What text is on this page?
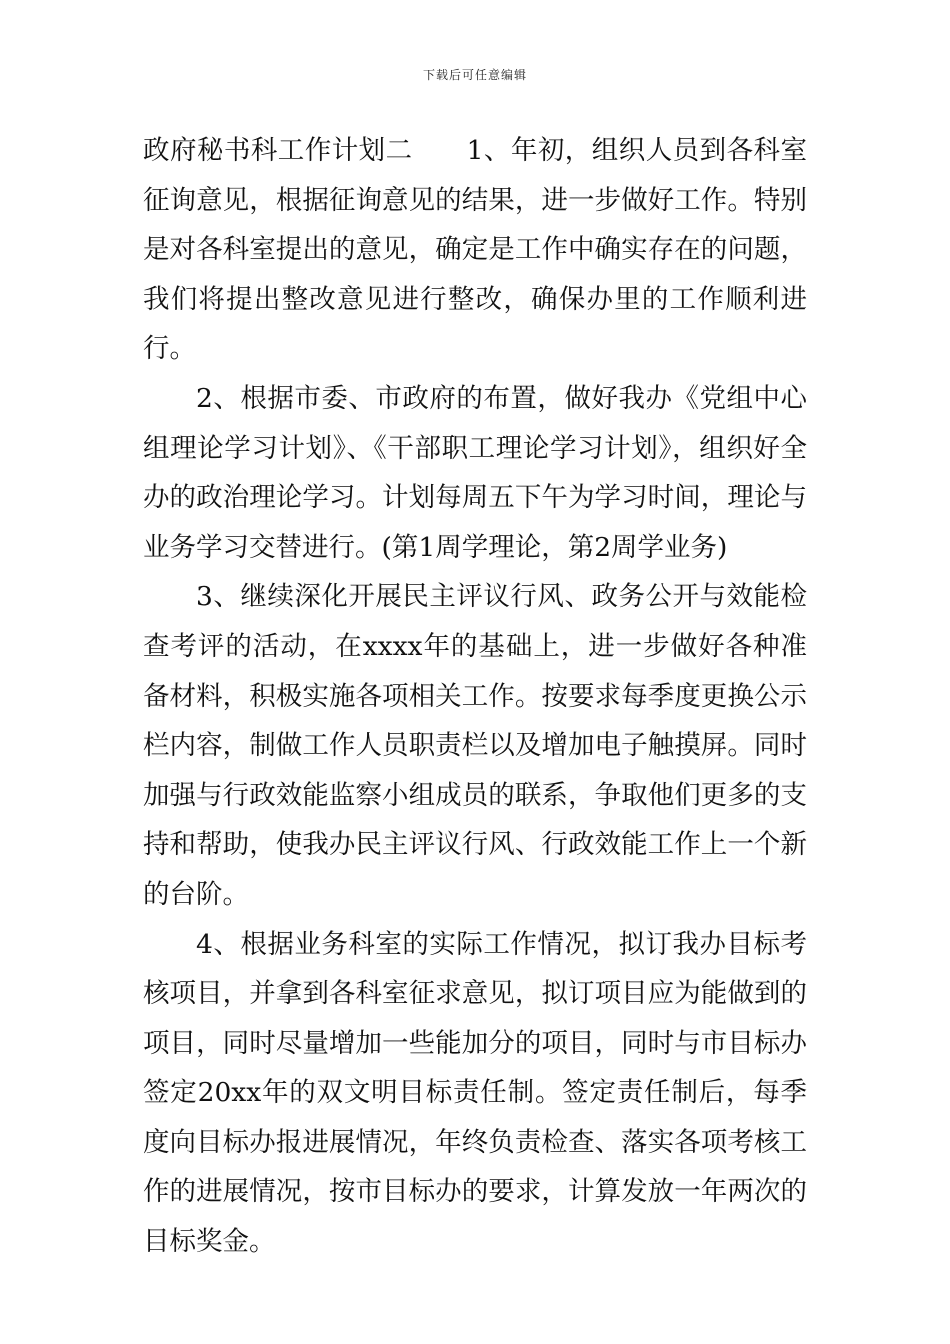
下载后可任意编辑

政府秘书科工作计划二 1、年初，组织人员到各科室征询意见，根据征询意见的结果，进一步做好工作。特别是对各科室提出的意见，确定是工作中确实存在的问题，我们将提出整改意见进行整改，确保办里的工作顺利进行。

2、根据市委、市政府的布置，做好我办《党组中心组理论学习计划》、《干部职工理论学习计划》，组织好全办的政治理论学习。计划每周五下午为学习时间，理论与业务学习交替进行。(第1周学理论，第2周学业务)

3、继续深化开展民主评议行风、政务公开与效能检查考评的活动，在xxxx年的基础上，进一步做好各种准备材料，积极实施各项相关工作。按要求每季度更换公示栏内容，制做工作人员职责栏以及增加电子触摸屏。同时加强与行政效能监察小组成员的联系，争取他们更多的支持和帮助，使我办民主评议行风、行政效能工作上一个新的台阶。

4、根据业务科室的实际工作情况，拟订我办目标考核项目，并拿到各科室征求意见，拟订项目应为能做到的项目，同时尽量增加一些能加分的项目，同时与市目标办签定20xx年的双文明目标责任制。签定责任制后，每季度向目标办报进展情况，年终负责检查、落实各项考核工作的进展情况，按市目标办的要求，计算发放一年两次的目标奖金。
